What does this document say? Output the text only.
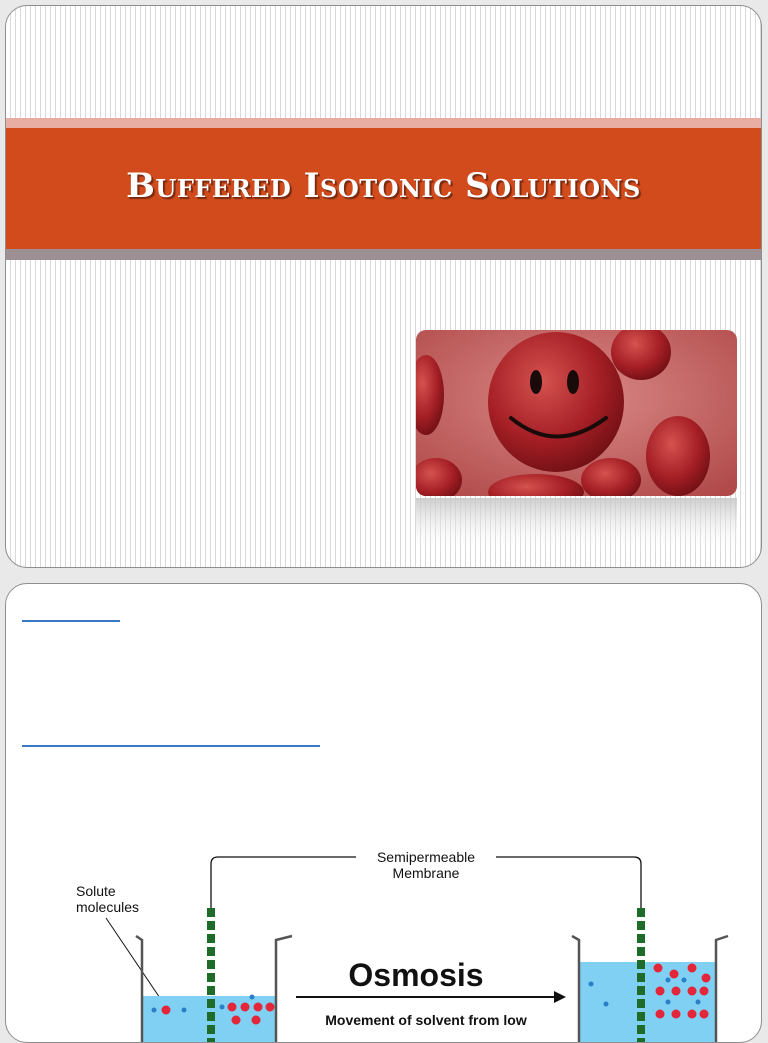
Buffered Isotonic Solutions
Semipermeable
Membrane
Solute
molecules
Osmosis
Movement of solvent from low
